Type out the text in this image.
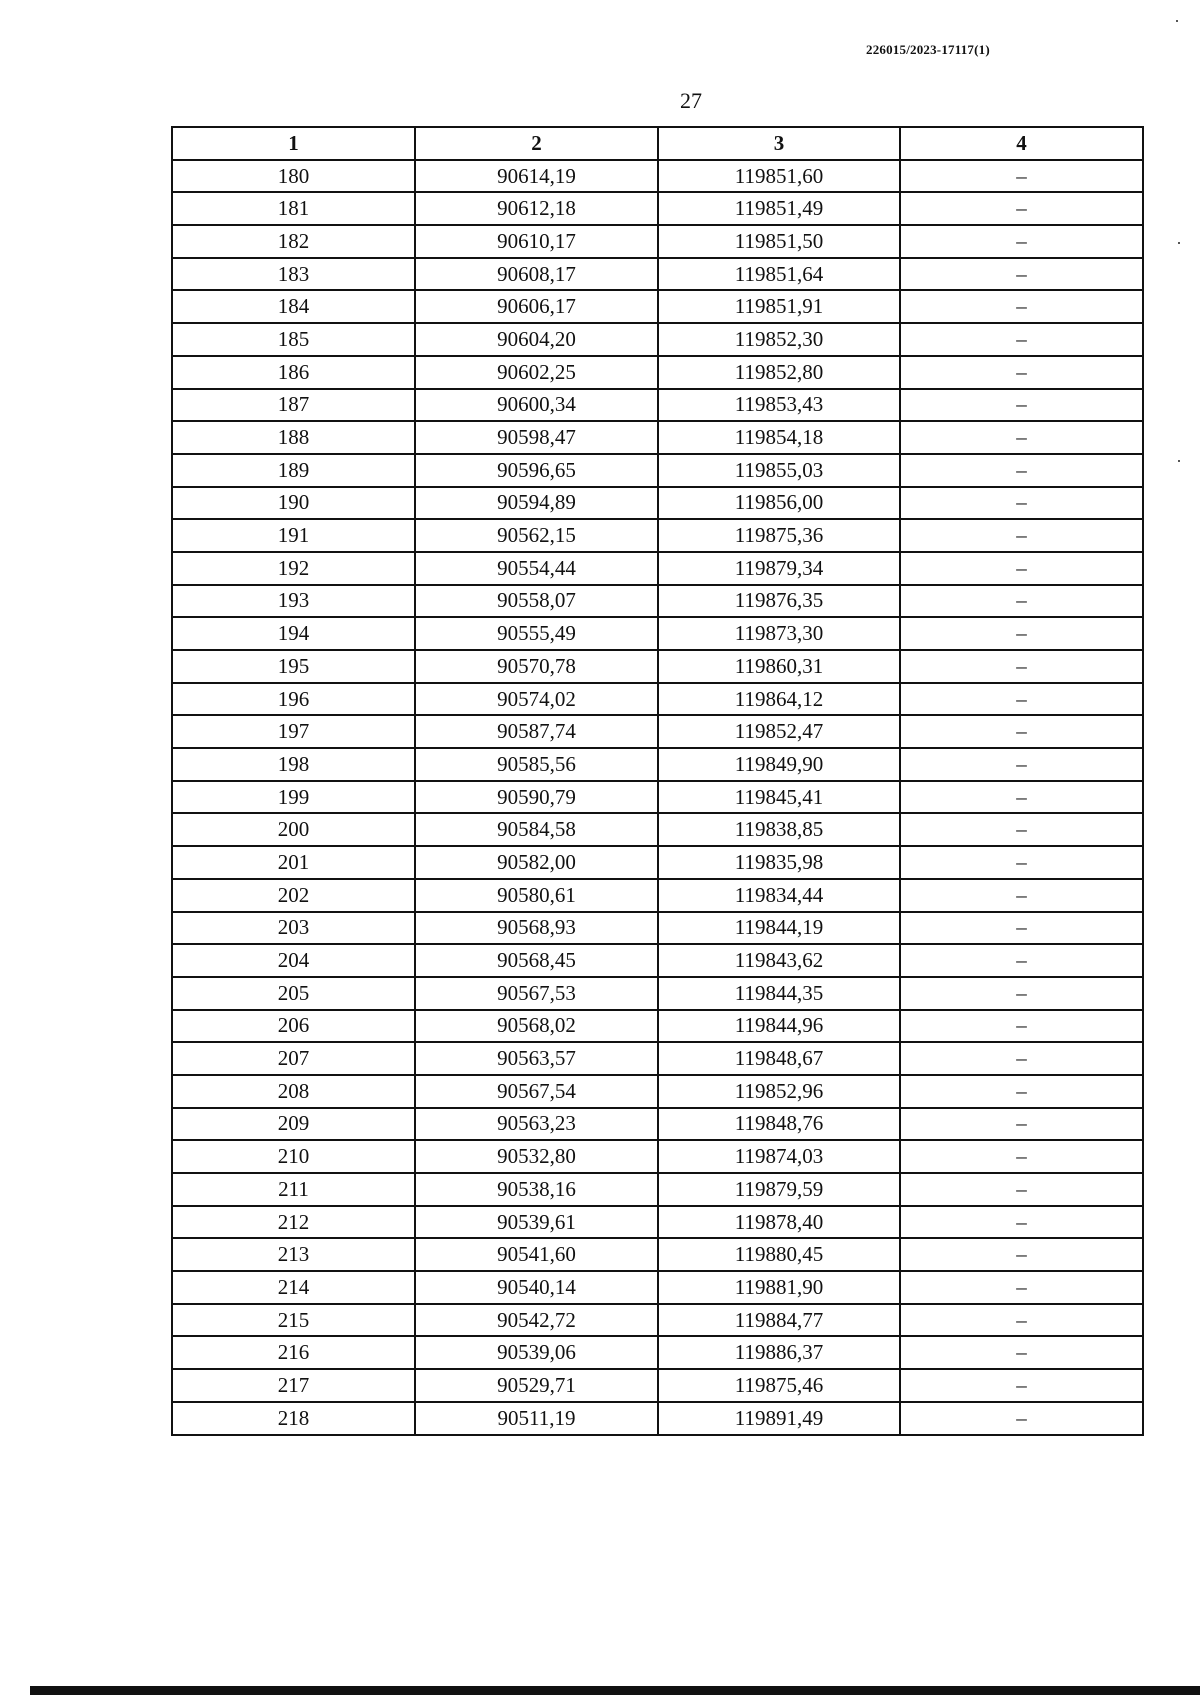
226015/2023-17117(1)
27
1	2	3	4
180	90614,19	119851,60	–
181	90612,18	119851,49	–
182	90610,17	119851,50	–
183	90608,17	119851,64	–
184	90606,17	119851,91	–
185	90604,20	119852,30	–
186	90602,25	119852,80	–
187	90600,34	119853,43	–
188	90598,47	119854,18	–
189	90596,65	119855,03	–
190	90594,89	119856,00	–
191	90562,15	119875,36	–
192	90554,44	119879,34	–
193	90558,07	119876,35	–
194	90555,49	119873,30	–
195	90570,78	119860,31	–
196	90574,02	119864,12	–
197	90587,74	119852,47	–
198	90585,56	119849,90	–
199	90590,79	119845,41	–
200	90584,58	119838,85	–
201	90582,00	119835,98	–
202	90580,61	119834,44	–
203	90568,93	119844,19	–
204	90568,45	119843,62	–
205	90567,53	119844,35	–
206	90568,02	119844,96	–
207	90563,57	119848,67	–
208	90567,54	119852,96	–
209	90563,23	119848,76	–
210	90532,80	119874,03	–
211	90538,16	119879,59	–
212	90539,61	119878,40	–
213	90541,60	119880,45	–
214	90540,14	119881,90	–
215	90542,72	119884,77	–
216	90539,06	119886,37	–
217	90529,71	119875,46	–
218	90511,19	119891,49	–
